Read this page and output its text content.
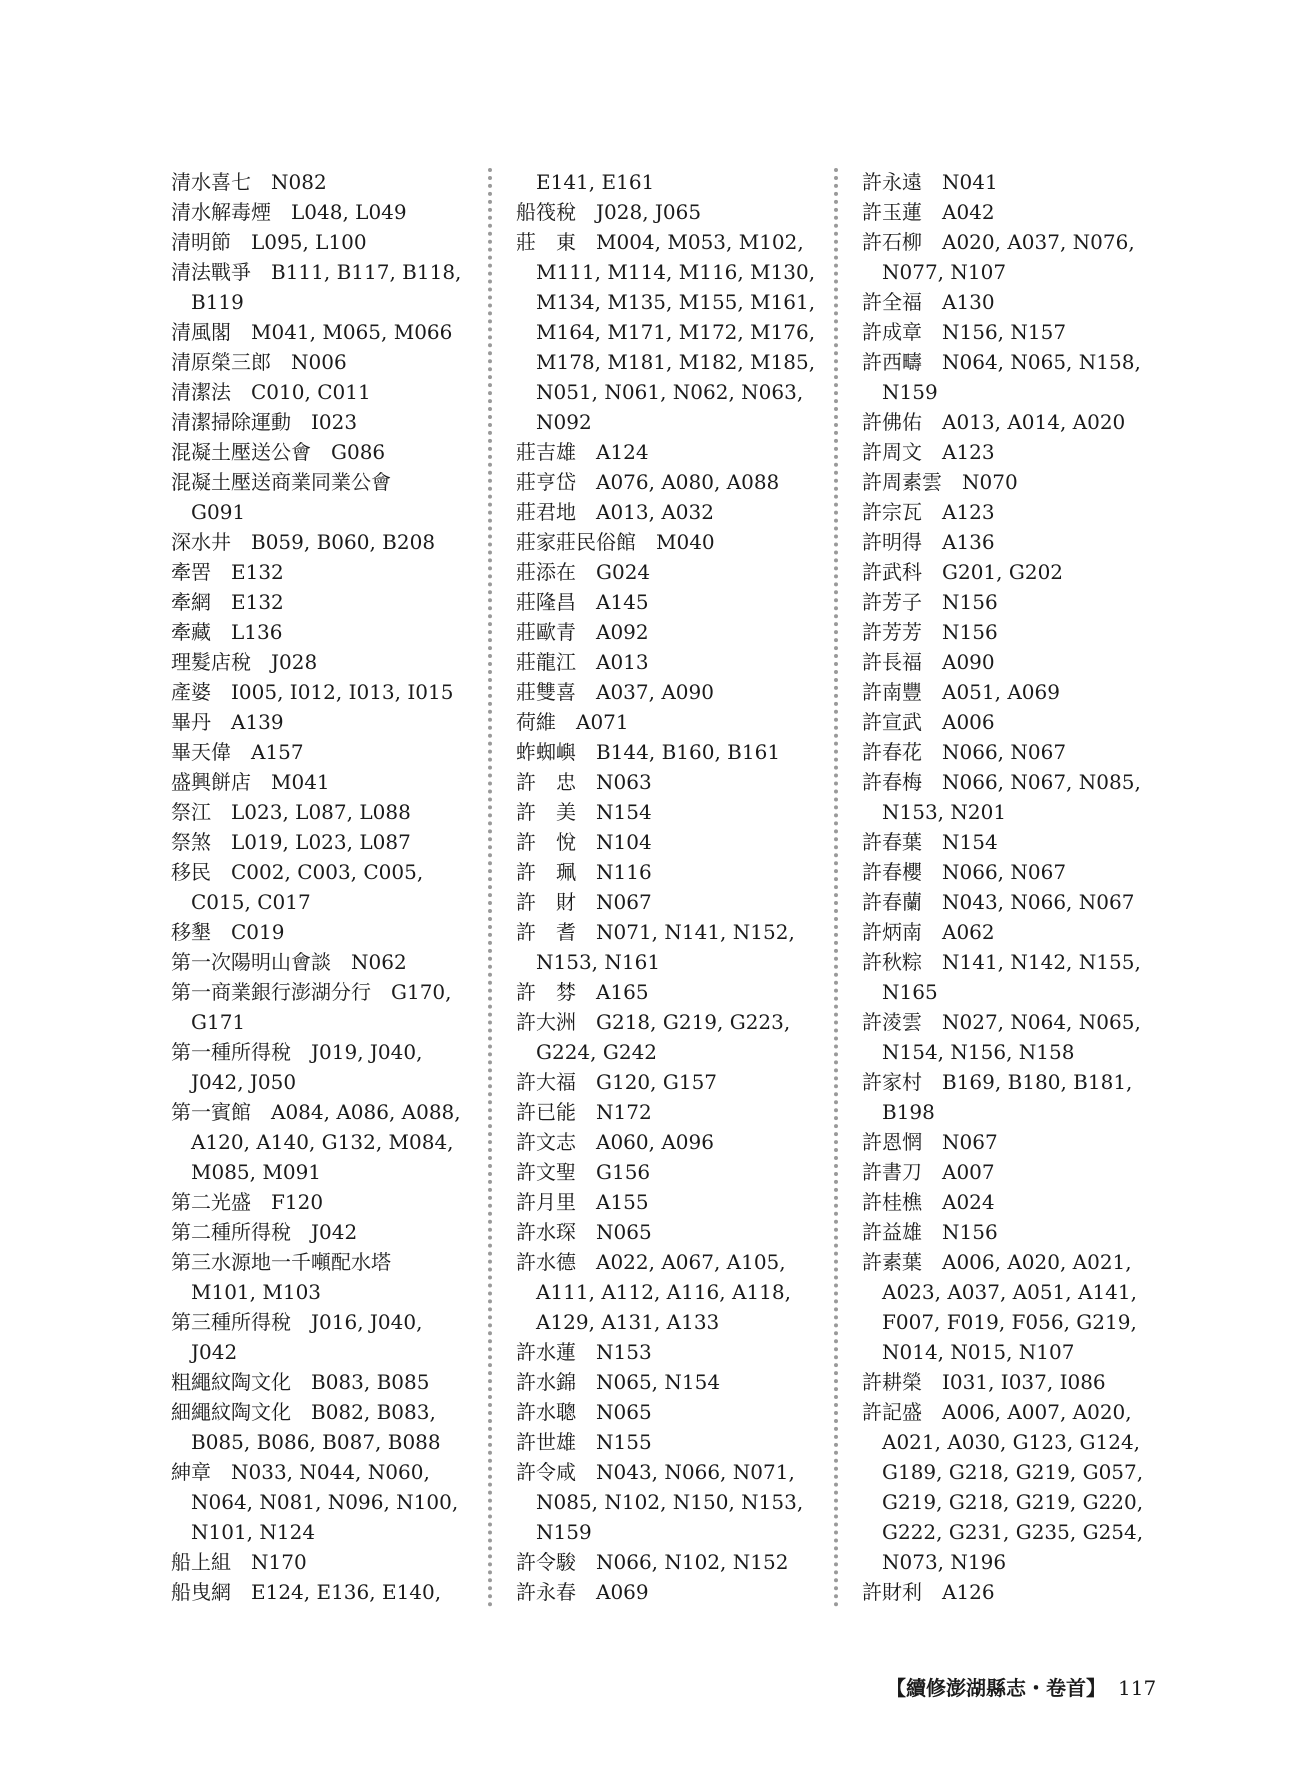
清水喜七　N082
清水解毒煙　L048, L049
清明節　L095, L100
清法戰爭　B111, B117, B118,
B119
清風閣　M041, M065, M066
清原榮三郎　N006
清潔法　C010, C011
清潔掃除運動　I023
混凝土壓送公會　G086
混凝土壓送商業同業公會
G091
深水井　B059, B060, B208
牽罟　E132
牽網　E132
牽藏　L136
理髮店稅　J028
產婆　I005, I012, I013, I015
畢丹　A139
畢天偉　A157
盛興餅店　M041
祭江　L023, L087, L088
祭煞　L019, L023, L087
移民　C002, C003, C005,
C015, C017
移墾　C019
第一次陽明山會談　N062
第一商業銀行澎湖分行　G170,
G171
第一種所得稅　J019, J040,
J042, J050
第一賓館　A084, A086, A088,
A120, A140, G132, M084,
M085, M091
第二光盛　F120
第二種所得稅　J042
第三水源地一千噸配水塔
M101, M103
第三種所得稅　J016, J040,
J042
粗繩紋陶文化　B083, B085
細繩紋陶文化　B082, B083,
B085, B086, B087, B088
紳章　N033, N044, N060,
N064, N081, N096, N100,
N101, N124
船上組　N170
船曳網　E124, E136, E140,
E141, E161
船筏稅　J028, J065
莊　東　M004, M053, M102,
M111, M114, M116, M130,
M134, M135, M155, M161,
M164, M171, M172, M176,
M178, M181, M182, M185,
N051, N061, N062, N063,
N092
莊吉雄　A124
莊亨岱　A076, A080, A088
莊君地　A013, A032
莊家莊民俗館　M040
莊添在　G024
莊隆昌　A145
莊歐青　A092
莊龍江　A013
莊雙喜　A037, A090
荷維　A071
蚱蜘嶼　B144, B160, B161
許　忠　N063
許　美　N154
許　悅　N104
許　珮　N116
許　財　N067
許　耆　N071, N141, N152,
N153, N161
許　棼　A165
許大洲　G218, G219, G223,
G224, G242
許大福　G120, G157
許已能　N172
許文志　A060, A096
許文聖　G156
許月里　A155
許水琛　N065
許水德　A022, A067, A105,
A111, A112, A116, A118,
A129, A131, A133
許水蓮　N153
許水錦　N065, N154
許水聰　N065
許世雄　N155
許令咸　N043, N066, N071,
N085, N102, N150, N153,
N159
許令駿　N066, N102, N152
許永春　A069
許永遠　N041
許玉蓮　A042
許石柳　A020, A037, N076,
N077, N107
許全福　A130
許成章　N156, N157
許西疇　N064, N065, N158,
N159
許佛佑　A013, A014, A020
許周文　A123
許周素雲　N070
許宗瓦　A123
許明得　A136
許武科　G201, G202
許芳子　N156
許芳芳　N156
許長福　A090
許南豐　A051, A069
許宣武　A006
許春花　N066, N067
許春梅　N066, N067, N085,
N153, N201
許春葉　N154
許春櫻　N066, N067
許春蘭　N043, N066, N067
許炳南　A062
許秋粽　N141, N142, N155,
N165
許淩雲　N027, N064, N065,
N154, N156, N158
許家村　B169, B180, B181,
B198
許恩惘　N067
許書刀　A007
許桂樵　A024
許益雄　N156
許素葉　A006, A020, A021,
A023, A037, A051, A141,
F007, F019, F056, G219,
N014, N015, N107
許耕榮　I031, I037, I086
許記盛　A006, A007, A020,
A021, A030, G123, G124,
G189, G218, G219, G057,
G219, G218, G219, G220,
G222, G231, G235, G254,
N073, N196
許財利　A126
【續修澎湖縣志・卷首】 117
